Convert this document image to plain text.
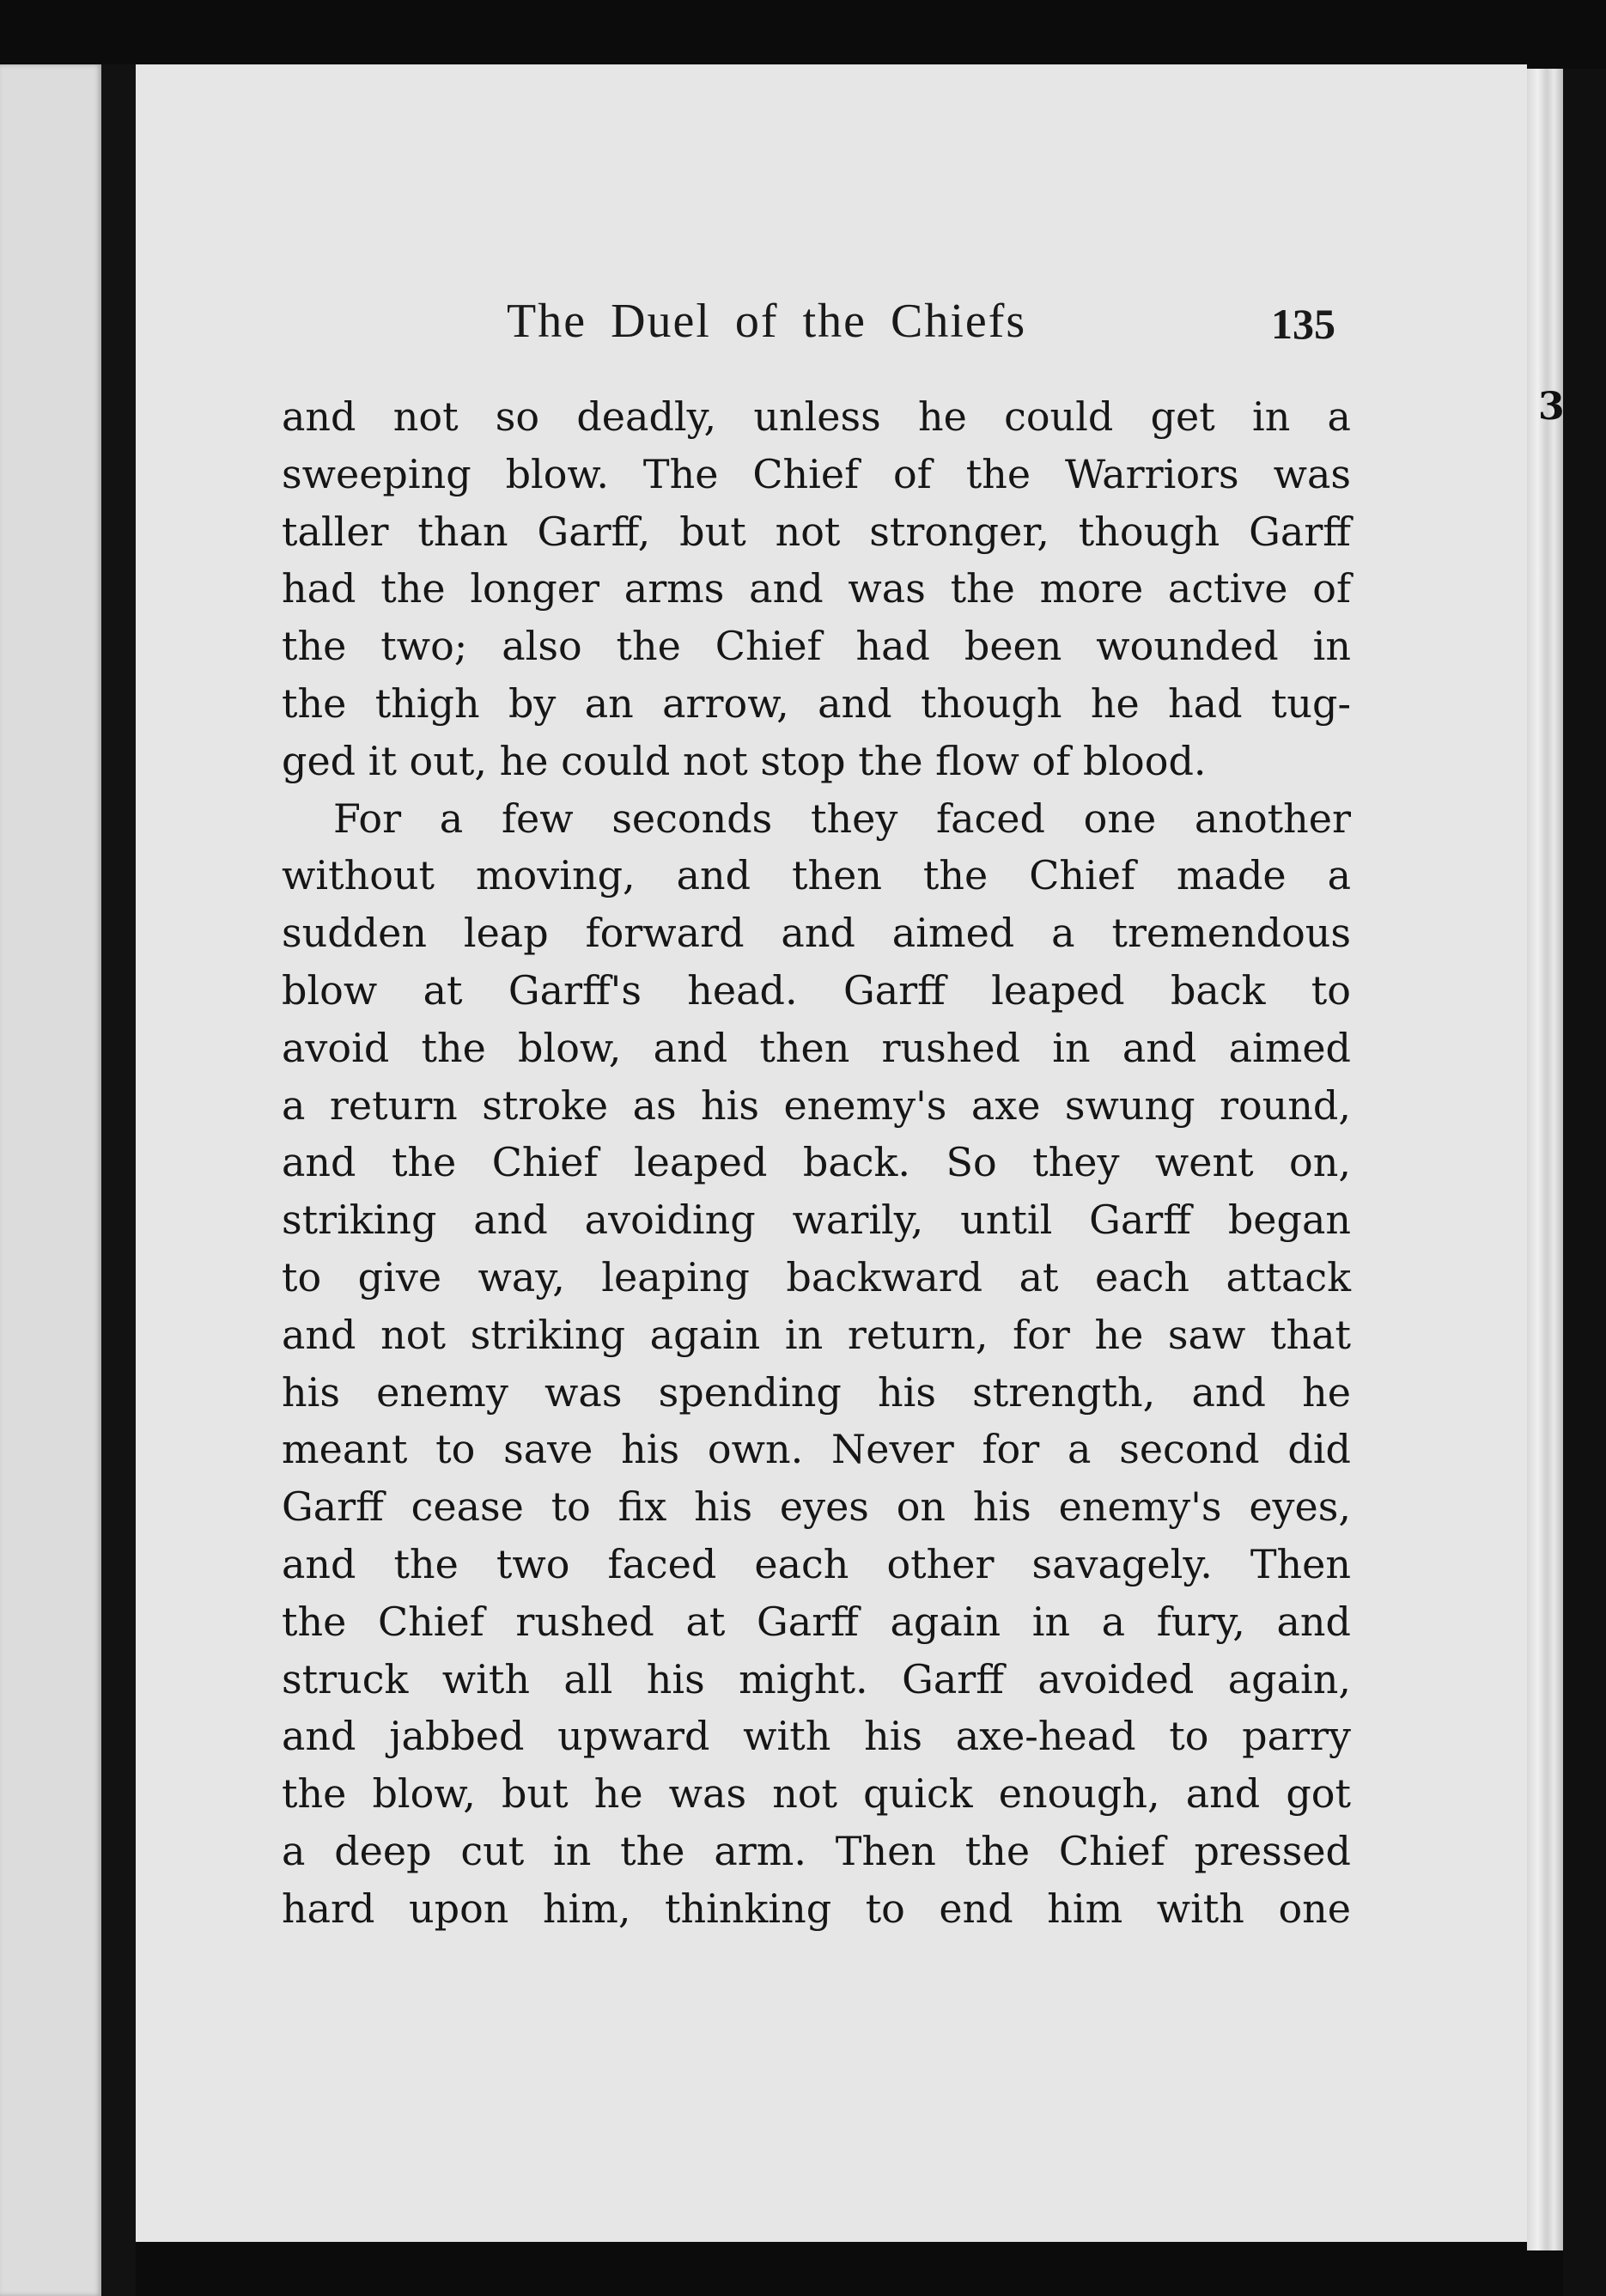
3
The Duel of the Chiefs	135
and not so deadly, unless he could get in a
sweeping blow. The Chief of the Warriors was
taller than Garff, but not stronger, though Garff
had the longer arms and was the more active of
the two; also the Chief had been wounded in
the thigh by an arrow, and though he had tug-
ged it out, he could not stop the flow of blood.
For a few seconds they faced one another
without moving, and then the Chief made a
sudden leap forward and aimed a tremendous
blow at Garff's head. Garff leaped back to
avoid the blow, and then rushed in and aimed
a return stroke as his enemy's axe swung round,
and the Chief leaped back. So they went on,
striking and avoiding warily, until Garff began
to give way, leaping backward at each attack
and not striking again in return, for he saw that
his enemy was spending his strength, and he
meant to save his own. Never for a second did
Garff cease to fix his eyes on his enemy's eyes,
and the two faced each other savagely. Then
the Chief rushed at Garff again in a fury, and
struck with all his might. Garff avoided again,
and jabbed upward with his axe-head to parry
the blow, but he was not quick enough, and got
a deep cut in the arm. Then the Chief pressed
hard upon him, thinking to end him with one
